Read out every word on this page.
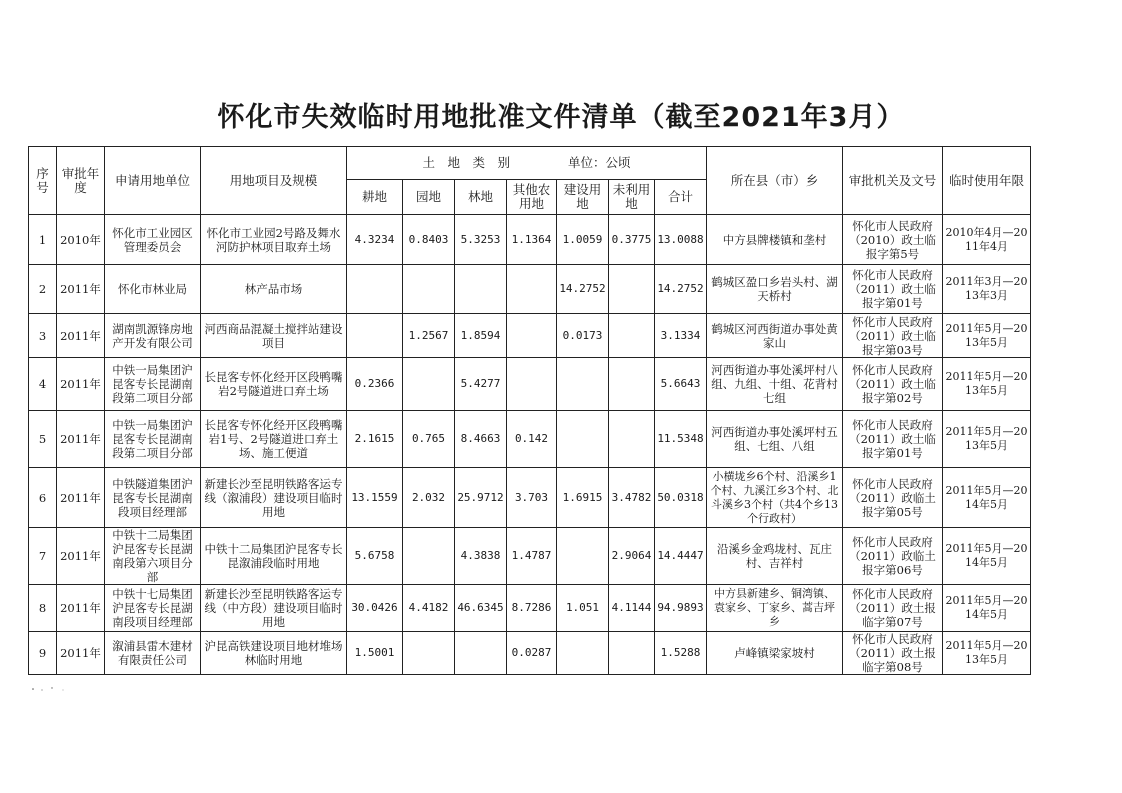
怀化市失效临时用地批准文件清单（截至2021年3月）
序号	审批年度	申请用地单位	用地项目及规模	土　地　类　别 单位：公顷							所在县（市）乡	审批机关及文号	临时使用年限
				耕地	园地	林地	其他农用地	建设用地	未利用地	合计			
1	2010年	怀化市工业园区管理委员会	怀化市工业园2号路及舞水河防护林项目取弃土场	4.3234	0.8403	5.3253	1.1364	1.0059	0.3775	13.0088	中方县牌楼镇和垄村	怀化市人民政府（2010）政土临报字第5号	2010年4月—2011年4月
2	2011年	怀化市林业局	林产品市场					14.2752		14.2752	鹤城区盈口乡岩头村、湖天桥村	怀化市人民政府（2011）政土临报字第01号	2011年3月—2013年3月
3	2011年	湖南凯源锋房地产开发有限公司	河西商品混凝土搅拌站建设项目		1.2567	1.8594		0.0173		3.1334	鹤城区河西街道办事处黄家山	怀化市人民政府（2011）政土临报字第03号	2011年5月—2013年5月
4	2011年	中铁一局集团沪昆客专长昆湖南段第二项目分部	长昆客专怀化经开区段鸭嘴岩2号隧道进口弃土场	0.2366		5.4277				5.6643	河西街道办事处溪坪村八组、九组、十组、花背村七组	怀化市人民政府（2011）政土临报字第02号	2011年5月—2013年5月
5	2011年	中铁一局集团沪昆客专长昆湖南段第二项目分部	长昆客专怀化经开区段鸭嘴岩1号、2号隧道进口弃土场、施工便道	2.1615	0.765	8.4663	0.142			11.5348	河西街道办事处溪坪村五组、七组、八组	怀化市人民政府（2011）政土临报字第01号	2011年5月—2013年5月
6	2011年	中铁隧道集团沪昆客专长昆湖南段项目经理部	新建长沙至昆明铁路客运专线（溆浦段）建设项目临时用地	13.1559	2.032	25.9712	3.703	1.6915	3.4782	50.0318	小横垅乡6个村、沿溪乡1个村、九溪江乡3个村、北斗溪乡3个村（共4个乡13个行政村）	怀化市人民政府（2011）政临土报字第05号	2011年5月—2014年5月
7	2011年	中铁十二局集团沪昆客专长昆湖南段第六项目分部	中铁十二局集团沪昆客专长昆溆浦段临时用地	5.6758		4.3838	1.4787		2.9064	14.4447	沿溪乡金鸡垅村、瓦庄村、吉祥村	怀化市人民政府（2011）政临土报字第06号	2011年5月—2014年5月
8	2011年	中铁十七局集团沪昆客专长昆湖南段项目经理部	新建长沙至昆明铁路客运专线（中方段）建设项目临时用地	30.0426	4.4182	46.6345	8.7286	1.051	4.1144	94.9893	中方县新建乡、铜湾镇、袁家乡、丁家乡、蒿吉坪乡	怀化市人民政府（2011）政土报临字第07号	2011年5月—2014年5月
9	2011年	溆浦县雷木建材有限责任公司	沪昆高铁建设项目地材堆场林临时用地	1.5001			0.0287			1.5288	卢峰镇梁家坡村	怀化市人民政府（2011）政土报临字第08号	2011年5月—2013年5月
